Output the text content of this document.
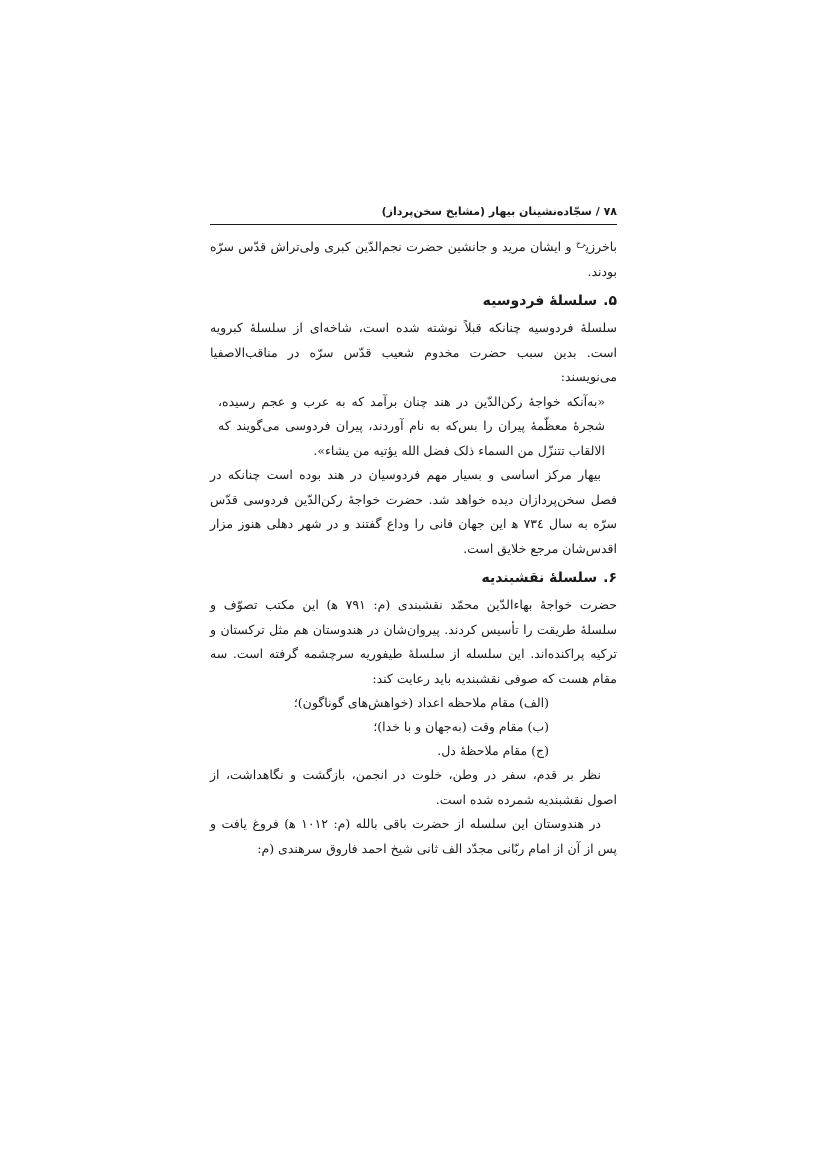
۷۸ / سجّاده‌نشینان بیهار (مشایخ سخن‌پرداز)

باخرزی$^{رح}$ و ایشان مرید و جانشین حضرت نجم‌الدّین کبری ولی‌تراش قدّس سرّه بودند.

۵.سلسلۀ فردوسیه

سلسلۀ فردوسیه چنانکه قبلاً نوشته شده است، شاخه‌ای از سلسلۀ کبرویه است. بدین سبب حضرت مخدوم شعیب قدّس سرّه در مناقب‌الاصفیا می‌نویسند:

«به‌آنکه خواجۀ رکن‌الدّین در هند چنان برآمد که به عرب و عجم رسیده، شجرۀ معظّمۀ پیران را بس‌که به نام آوردند، پیران فردوسی می‌گویند که الالقاب تتنزّل من السماء ذلک فضل الله یؤتیه من یشاء».

بیهار مرکز اساسی و بسیار مهم فردوسیان در هند بوده است چنانکه در فصل سخن‌پردازان دیده خواهد شد. حضرت خواجۀ رکن‌الدّین فردوسی قدّس سرّه به سال ۷۳٤ ﻫ این جهان فانی را وداع گفتند و در شهر دهلی هنوز مزار اقدس‌شان مرجع خلایق است.

۶.سلسلۀ نقشبندیه

حضرت خواجۀ بهاءالدّین محمّد نقشبندی (م: ۷۹۱ ﻫ) این مکتب تصوّف و سلسلۀ طریقت را تأسیس کردند. پیروان‌شان در هندوستان هم مثل ترکستان و ترکیه پراکنده‌اند. این سلسله از سلسلۀ طیفوریه سرچشمه گرفته است. سه مقام هست که صوفی نقشبندیه باید رعایت کند:

(الف) مقام ملاحظه اعداد (خواهش‌های گوناگون)؛
(ب) مقام وقت (به‌جهان و با خدا)؛
(ج) مقام ملاحظۀ دل.

نظر بر قدم، سفر در وطن، خلوت در انجمن، بازگشت و نگاهداشت، از اصول نقشبندیه شمرده شده است.

در هندوستان این سلسله از حضرت باقی بالله (م: ۱۰۱۲ ﻫ) فروغ یافت و پس از آن از امام ربّانی مجدّد الف ثانی شیخ احمد فاروق سرهندی (م:
